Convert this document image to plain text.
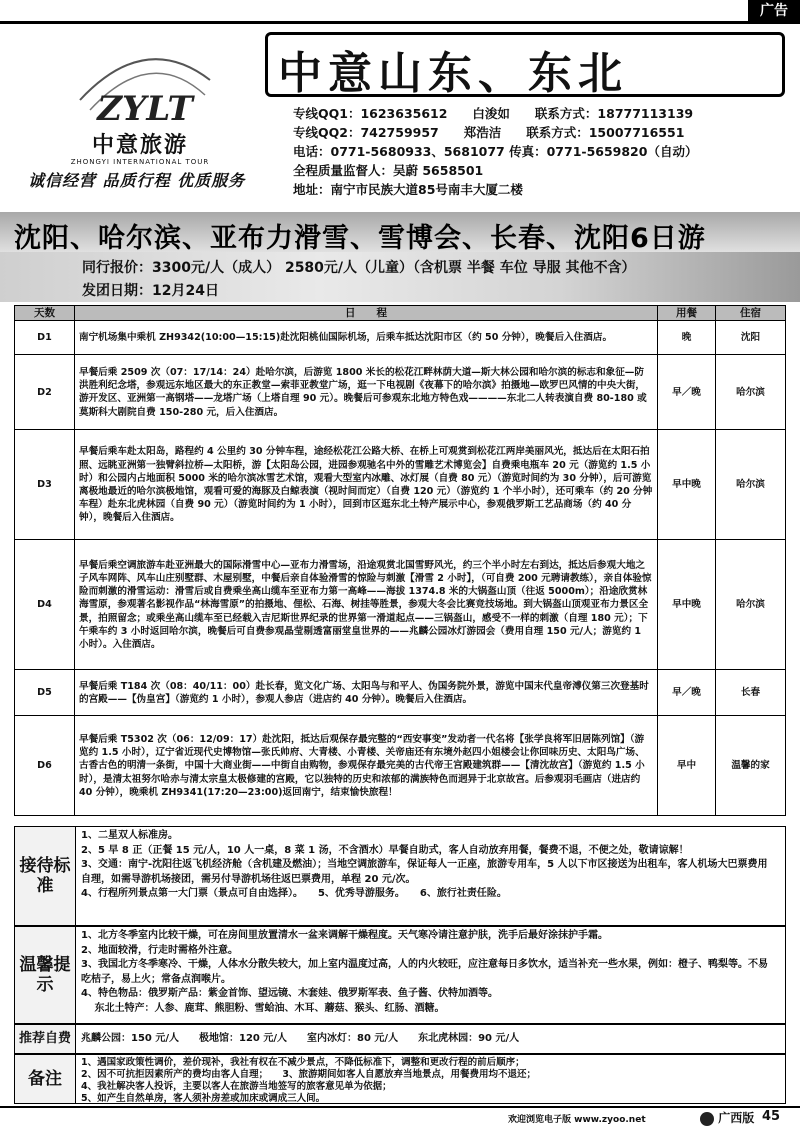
广告
ZYLT
中意旅游
ZHONGYI INTERNATIONAL TOUR
诚信经营 品质行程 优质服务
中意山东、东北
专线QQ1：1623635612　　白浚如　　联系方式：18777113139
专线QQ2：742759957　　郑浩洁　　联系方式：15007716551
电话：0771-5680933、5681077 传真：0771-5659820（自动）
全程质量监督人：吴蔚 5658501
地址：南宁市民族大道85号南丰大厦二楼
沈阳、哈尔滨、亚布力滑雪、雪博会、长春、沈阳6日游
同行报价：3300元/人（成人） 2580元/人（儿童）（含机票 半餐 车位 导服 其他不含）
发团日期：12月24日
天数	日　　程	用餐	住宿
D1	南宁机场集中乘机 ZH9342(10:00—15:15)赴沈阳桃仙国际机场，后乘车抵达沈阳市区（约 50 分钟），晚餐后入住酒店。	晚	沈阳
D2	早餐后乘 2509 次（07：17/14：24）赴哈尔滨，后游览 1800 米长的松花江畔林荫大道—斯大林公园和哈尔滨的标志和象征—防洪胜利纪念塔，参观远东地区最大的东正教堂—索菲亚教堂广场，逛一下电视剧《夜幕下的哈尔滨》拍摄地—欧罗巴风情的中央大街，游开发区、亚洲第一高钢塔——龙塔广场（上塔自理 90 元）。晚餐后可参观东北地方特色戏————东北二人转表演自费 80-180 或莫斯科大剧院自费 150-280 元，后入住酒店。	早／晚	哈尔滨
D3	早餐后乘车赴太阳岛，路程约 4 公里约 30 分钟车程，途经松花江公路大桥、在桥上可观赏到松花江两岸美丽风光，抵达后在太阳石拍照、远眺亚洲第一独臂斜拉桥—太阳桥，游【太阳岛公园，进园参观驰名中外的雪雕艺术博览会】自费乘电瓶车 20 元（游览约 1.5 小时）和公园内占地面积 5000 米的哈尔滨冰雪艺术馆，观看大型室内冰雕、冰灯展（自费 80 元）（游览时间约为 30 分钟），后可游览离极地最近的哈尔滨极地馆，观看可爱的海豚及白鲸表演（视时间而定）（自费 120 元）（游览约 1 个半小时），还可乘车（约 20 分钟车程）赴东北虎林园（自费 90 元）（游览时间约为 1 小时），回到市区逛东北土特产展示中心，参观俄罗斯工艺品商场（约 40 分钟），晚餐后入住酒店。	早中晚	哈尔滨
D4	早餐后乘空调旅游车赴亚洲最大的国际滑雪中心—亚布力滑雪场，沿途观赏北国雪野风光，约三个半小时左右到达，抵达后参观大地之子风车网阵、风车山庄别墅群、木屋别墅，中餐后亲自体验滑雪的惊险与刺激【滑雪 2 小时】，（可自费 200 元聘请教练），亲自体验惊险而刺激的滑雪运动：滑雪后或自费乘坐高山缆车至亚布力第一高峰——海拔 1374.8 米的大锅盔山顶（往返 5000m）；沿途欣赏林海雪原，参观著名影视作品“林海雪原”的拍摄地、俚松、石海、树挂等胜景，参观大冬会比赛竞技场地。到大锅盔山顶观亚布力景区全景，拍照留念；或乘坐高山缆车至已经载入吉尼斯世界纪录的世界第一滑道起点——三锅盔山，感受不一样的刺激（自理 180 元）；下午乘车约 3 小时返回哈尔滨，晚餐后可自费参观晶莹剔透富丽堂皇世界的——兆麟公园冰灯游园会（费用自理 150 元/人；游览约 1 小时）。入住酒店。	早中晚	哈尔滨
D5	早餐后乘 T184 次（08：40/11：00）赴长春，览文化广场、太阳鸟与和平人、伪国务院外景，游览中国末代皇帝溥仪第三次登基时的宫殿——【伪皇宫】（游览约 1 小时），参观人参店（进店约 40 分钟）。晚餐后入住酒店。	早／晚	长春
D6	早餐后乘 T5302 次（06：12/09：17）赴沈阳，抵达后观保存最完整的“西安事变”发动者一代名将【张学良将军旧居陈列馆】（游览约 1.5 小时），辽宁省近现代史博物馆—张氏帅府、大青楼、小青楼、关帝庙还有东境外赵四小姐楼会让你回味历史、太阳鸟广场、古香古色的明清一条街，中国十大商业街——中街自由购物，参观保存最完美的古代帝王宫殿建筑群——【清沈故宫】（游览约 1.5 小时），是清太祖努尔哈赤与清太宗皇太极修建的宫殿，它以独特的历史和浓郁的满族特色而迥异于北京故宫。后参观羽毛画店（进店约 40 分钟），晚乘机 ZH9341(17:20—23:00)返回南宁，结束愉快旅程！	早中	温馨的家
接待标准
1、二星双人标准房。
2、5 早 8 正（正餐 15 元/人，10 人一桌，8 菜 1 汤，不含酒水）早餐自助式，客人自动放弃用餐，餐费不退，不便之处，敬请谅解！
3、交通：南宁-沈阳往返飞机经济舱（含机建及燃油）；当地空调旅游车，保证每人一正座，旅游专用车，5 人以下市区接送为出租车，客人机场大巴票费用自理，如需导游机场接团，需另付导游机场往返巴票费用，单程 20 元/次。
4、行程所列景点第一大门票（景点可自由选择）。　　5、优秀导游服务。　　6、旅行社责任险。
温馨提示
1、北方冬季室内比较干燥，可在房间里放置清水一盆来调解干燥程度。天气寒冷请注意护肤，洗手后最好涂抹护手霜。
2、地面较滑，行走时需格外注意。
3、我国北方冬季寒冷、干燥，人体水分散失较大，加上室内温度过高，人的内火较旺，应注意每日多饮水，适当补充一些水果，例如：橙子、鸭梨等。不易吃桔子，易上火；常备点润喉片。
4、特色物品：俄罗斯产品：紫金首饰、望远镜、木套娃、俄罗斯军表、鱼子酱、伏特加酒等。
　 东北土特产：人参、鹿茸、熊胆粉、雪蛤油、木耳、蘑菇、猴头、红肠、酒糖。
推荐自费	兆麟公园：150 元/人　　极地馆：120 元/人　　室内冰灯：80 元/人　　东北虎林园：90 元/人
备注
1、遇国家政策性调价，差价现补，我社有权在不减少景点，不降低标准下，调整和更改行程的前后顺序；
2、因不可抗拒因素所产的费均由客人自理；　　3、旅游期间如客人自愿放弃当地景点，用餐费用均不退还；
4、我社解决客人投诉，主要以客人在旅游当地签写的旅客意见单为依据；
5、如产生自然单房，客人须补房差或加床或调成三人间。
欢迎浏览电子版 www.zyoo.net	广西版 45
